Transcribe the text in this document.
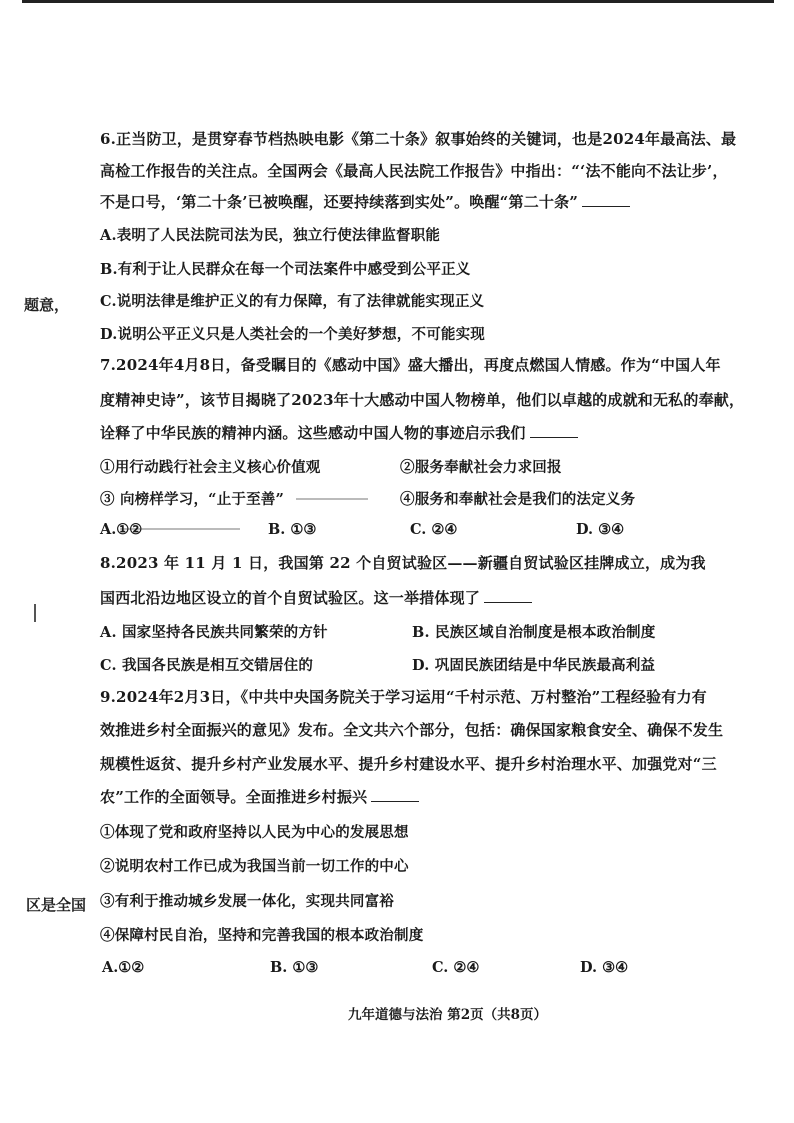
题意，
区是全国
6.正当防卫，是贯穿春节档热映电影《第二十条》叙事始终的关键词，也是2024年最高法、最
高检工作报告的关注点。全国两会《最高人民法院工作报告》中指出：“‘法不能向不法让步’，
不是口号，‘第二十条’已被唤醒，还要持续落到实处”。唤醒“第二十条”
A.表明了人民法院司法为民，独立行使法律监督职能
B.有利于让人民群众在每一个司法案件中感受到公平正义
C.说明法律是维护正义的有力保障，有了法律就能实现正义
D.说明公平正义只是人类社会的一个美好梦想，不可能实现
7.2024年4月8日，备受瞩目的《感动中国》盛大播出，再度点燃国人情感。作为“中国人年
度精神史诗”，该节目揭晓了2023年十大感动中国人物榜单，他们以卓越的成就和无私的奉献，
诠释了中华民族的精神内涵。这些感动中国人物的事迹启示我们
①用行动践行社会主义核心价值观	②服务奉献社会力求回报
③ 向榜样学习，“止于至善”	④服务和奉献社会是我们的法定义务
A.①②	B. ①③	C. ②④	D. ③④
8.2023 年 11 月 1 日，我国第 22 个自贸试验区——新疆自贸试验区挂牌成立，成为我
国西北沿边地区设立的首个自贸试验区。这一举措体现了
A. 国家坚持各民族共同繁荣的方针	B. 民族区域自治制度是根本政治制度
C. 我国各民族是相互交错居住的	D. 巩固民族团结是中华民族最高利益
9.2024年2月3日，《中共中央国务院关于学习运用“千村示范、万村整治”工程经验有力有
效推进乡村全面振兴的意见》发布。全文共六个部分，包括：确保国家粮食安全、确保不发生
规模性返贫、提升乡村产业发展水平、提升乡村建设水平、提升乡村治理水平、加强党对“三
农”工作的全面领导。全面推进乡村振兴
①体现了党和政府坚持以人民为中心的发展思想
②说明农村工作已成为我国当前一切工作的中心
③有利于推动城乡发展一体化，实现共同富裕
④保障村民自治，坚持和完善我国的根本政治制度
A.①②	B. ①③	C. ②④	D. ③④
九年道德与法治 第2页（共8页）
